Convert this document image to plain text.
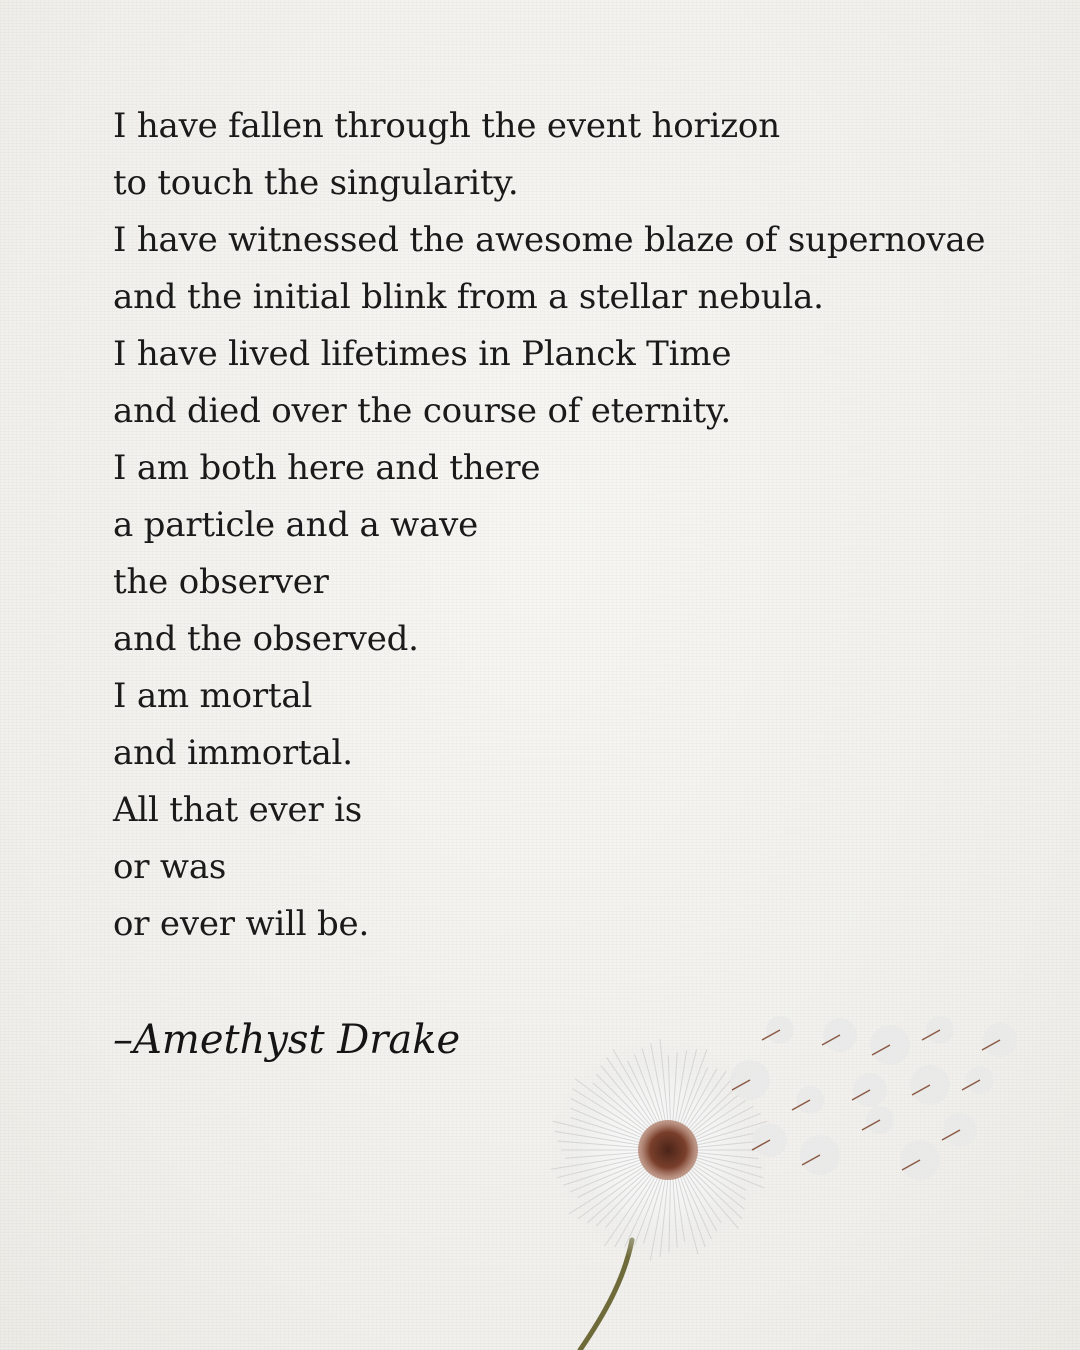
I have fallen through the event horizon
to touch the singularity.
I have witnessed the awesome blaze of supernovae
and the initial blink from a stellar nebula.
I have lived lifetimes in Planck Time
and died over the course of eternity.
I am both here and there
a particle and a wave
the observer
and the observed.
I am mortal
and immortal.
All that ever is
or was
or ever will be.
–Amethyst Drake
